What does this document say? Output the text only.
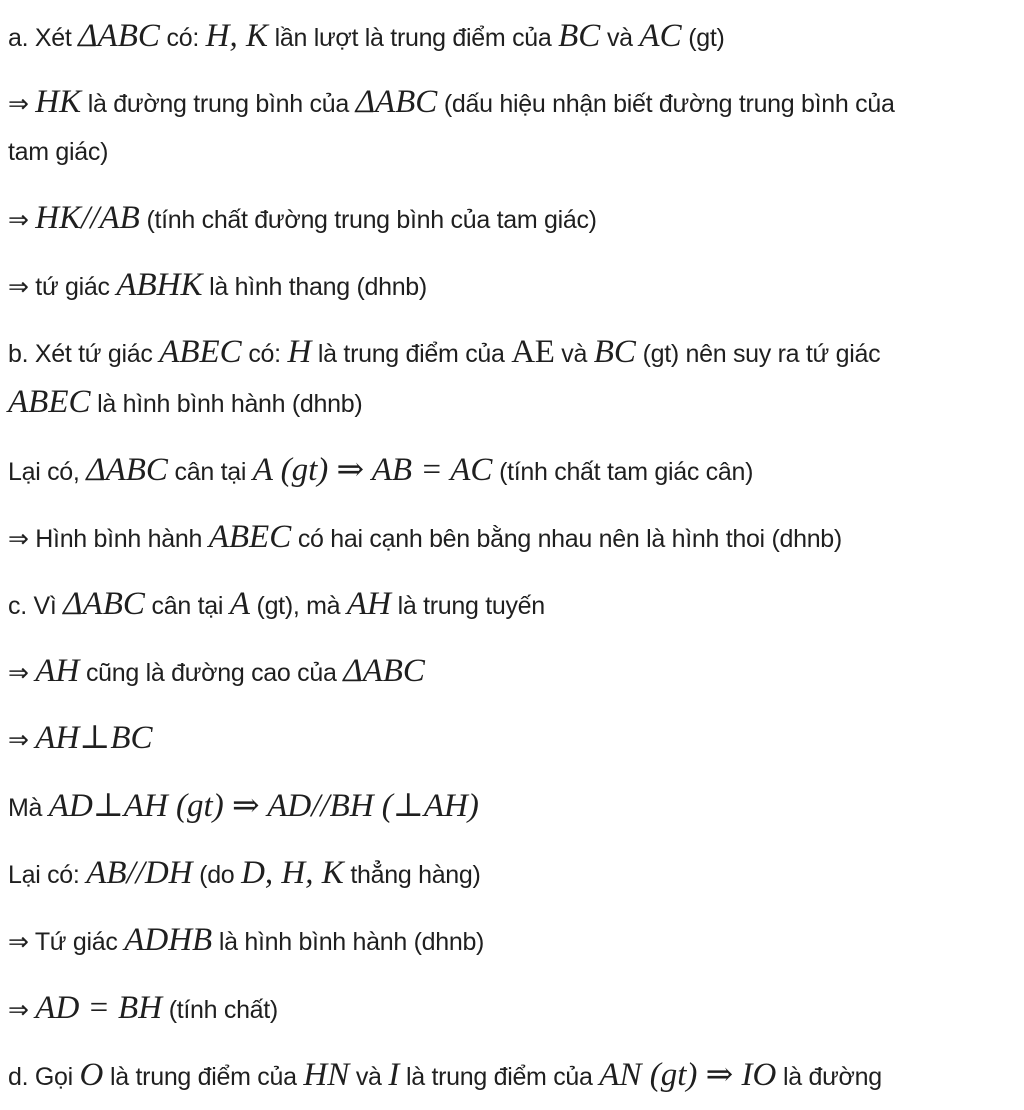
a. Xét ΔABC có: H, K lần lượt là trung điểm của BC và AC (gt)
⇒ HK là đường trung bình của ΔABC (dấu hiệu nhận biết đường trung bình của
tam giác)
⇒ HK//AB (tính chất đường trung bình của tam giác)
⇒ tứ giác ABHK là hình thang (dhnb)
b. Xét tứ giác ABEC có: H là trung điểm của AE và BC (gt) nên suy ra tứ giác
ABEC là hình bình hành (dhnb)
Lại có, ΔABC cân tại A (gt) ⇒ AB = AC (tính chất tam giác cân)
⇒ Hình bình hành ABEC có hai cạnh bên bằng nhau nên là hình thoi (dhnb)
c. Vì ΔABC cân tại A (gt), mà AH là trung tuyến
⇒ AH cũng là đường cao của ΔABC
⇒ AH⊥BC
Mà AD⊥AH (gt) ⇒ AD//BH (⊥AH)
Lại có: AB//DH (do D, H, K thẳng hàng)
⇒ Tứ giác ADHB là hình bình hành (dhnb)
⇒ AD = BH (tính chất)
d. Gọi O là trung điểm của HN và I là trung điểm của AN (gt) ⇒ IO là đường
